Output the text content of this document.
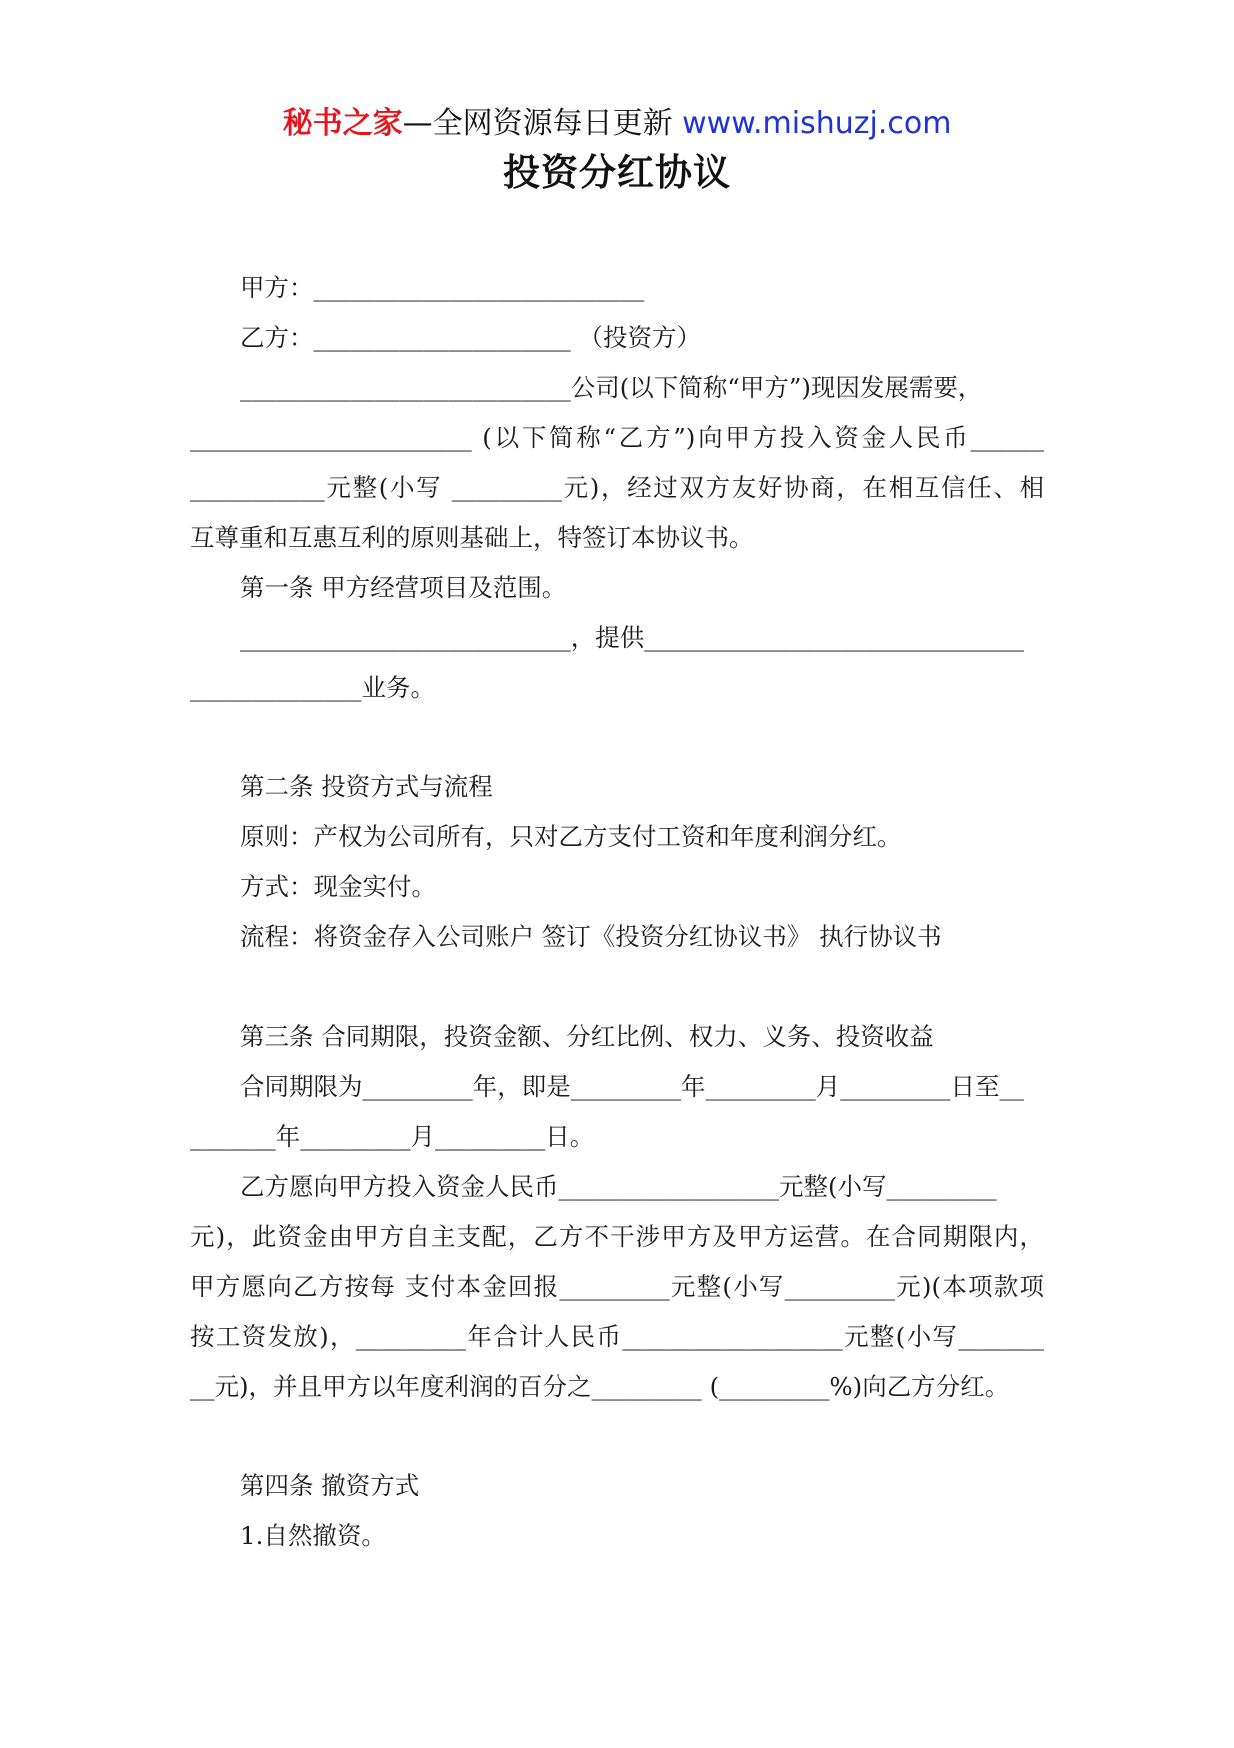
秘书之家—全网资源每日更新 www.mishuzj.com
投资分红协议
甲方：___________________________
乙方：_____________________ （投资方）
___________________________公司(以下简称“甲方”)现因发展需要，
_______________________ (以下简称“乙方”)向甲方投入资金人民币______
___________元整(小写 _________元)，经过双方友好协商，在相互信任、相
互尊重和互惠互利的原则基础上，特签订本协议书。
第一条 甲方经营项目及范围。
___________________________，提供_______________________________
______________业务。
第二条 投资方式与流程
原则：产权为公司所有，只对乙方支付工资和年度利润分红。
方式：现金实付。
流程：将资金存入公司账户 签订《投资分红协议书》 执行协议书
第三条 合同期限，投资金额、分红比例、权力、义务、投资收益
合同期限为_________年，即是_________年_________月_________日至__
_______年_________月_________日。
乙方愿向甲方投入资金人民币__________________元整(小写_________
元)，此资金由甲方自主支配，乙方不干涉甲方及甲方运营。在合同期限内，
甲方愿向乙方按每 支付本金回报_________元整(小写_________元)(本项款项
按工资发放)，_________年合计人民币__________________元整(小写_______
__元)，并且甲方以年度利润的百分之_________ (_________%)向乙方分红。
第四条 撤资方式
1.自然撤资。
